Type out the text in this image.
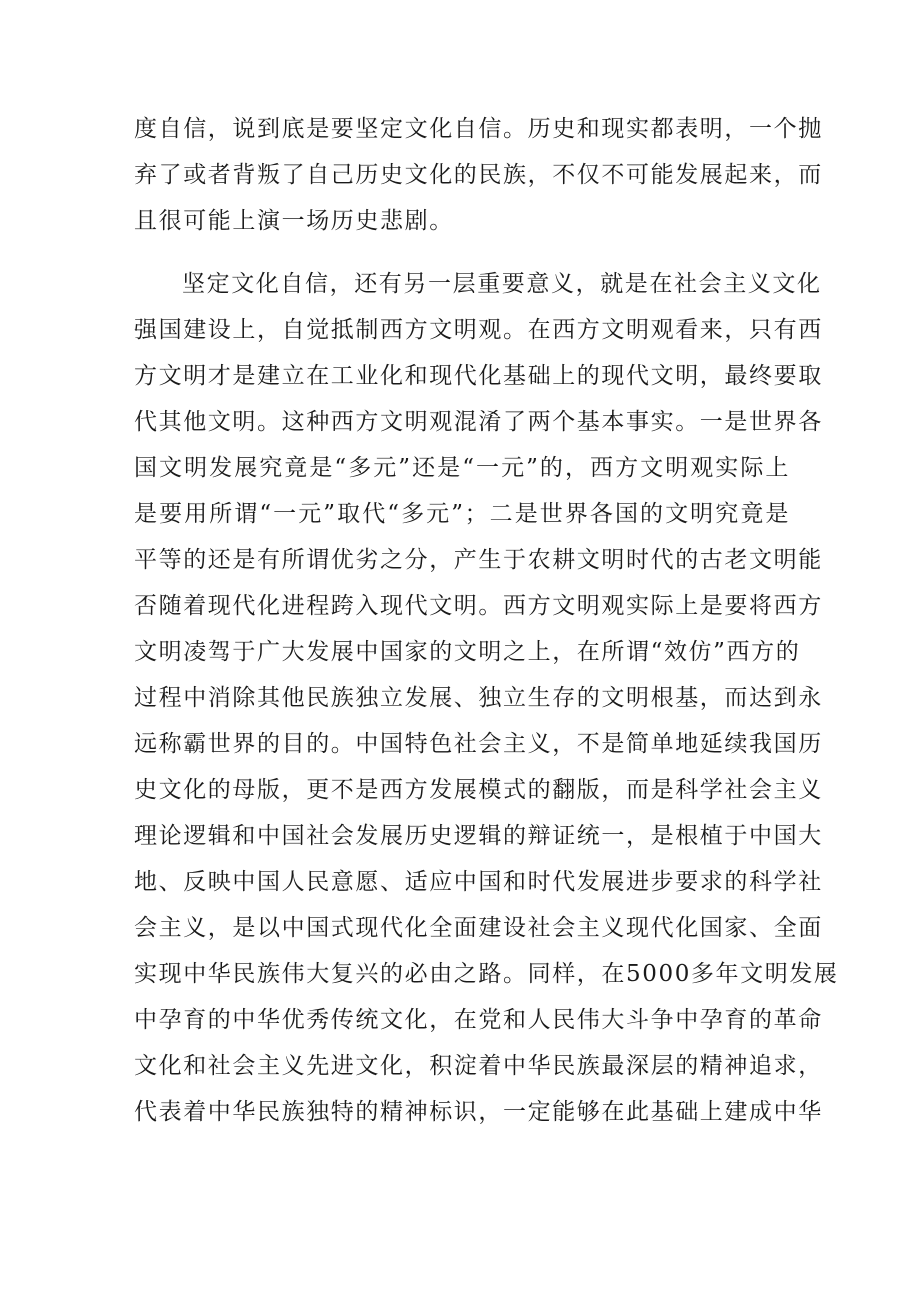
度自信，说到底是要坚定文化自信。历史和现实都表明，一个抛
弃了或者背叛了自己历史文化的民族，不仅不可能发展起来，而
且很可能上演一场历史悲剧。
坚定文化自信，还有另一层重要意义，就是在社会主义文化
强国建设上，自觉抵制西方文明观。在西方文明观看来，只有西
方文明才是建立在工业化和现代化基础上的现代文明，最终要取
代其他文明。这种西方文明观混淆了两个基本事实。一是世界各
国文明发展究竟是“多元”还是“一元”的，西方文明观实际上
是要用所谓“一元”取代“多元”；二是世界各国的文明究竟是
平等的还是有所谓优劣之分，产生于农耕文明时代的古老文明能
否随着现代化进程跨入现代文明。西方文明观实际上是要将西方
文明凌驾于广大发展中国家的文明之上，在所谓“效仿”西方的
过程中消除其他民族独立发展、独立生存的文明根基，而达到永
远称霸世界的目的。中国特色社会主义，不是简单地延续我国历
史文化的母版，更不是西方发展模式的翻版，而是科学社会主义
理论逻辑和中国社会发展历史逻辑的辩证统一，是根植于中国大
地、反映中国人民意愿、适应中国和时代发展进步要求的科学社
会主义，是以中国式现代化全面建设社会主义现代化国家、全面
实现中华民族伟大复兴的必由之路。同样，在5000多年文明发展
中孕育的中华优秀传统文化，在党和人民伟大斗争中孕育的革命
文化和社会主义先进文化，积淀着中华民族最深层的精神追求，
代表着中华民族独特的精神标识，一定能够在此基础上建成中华
